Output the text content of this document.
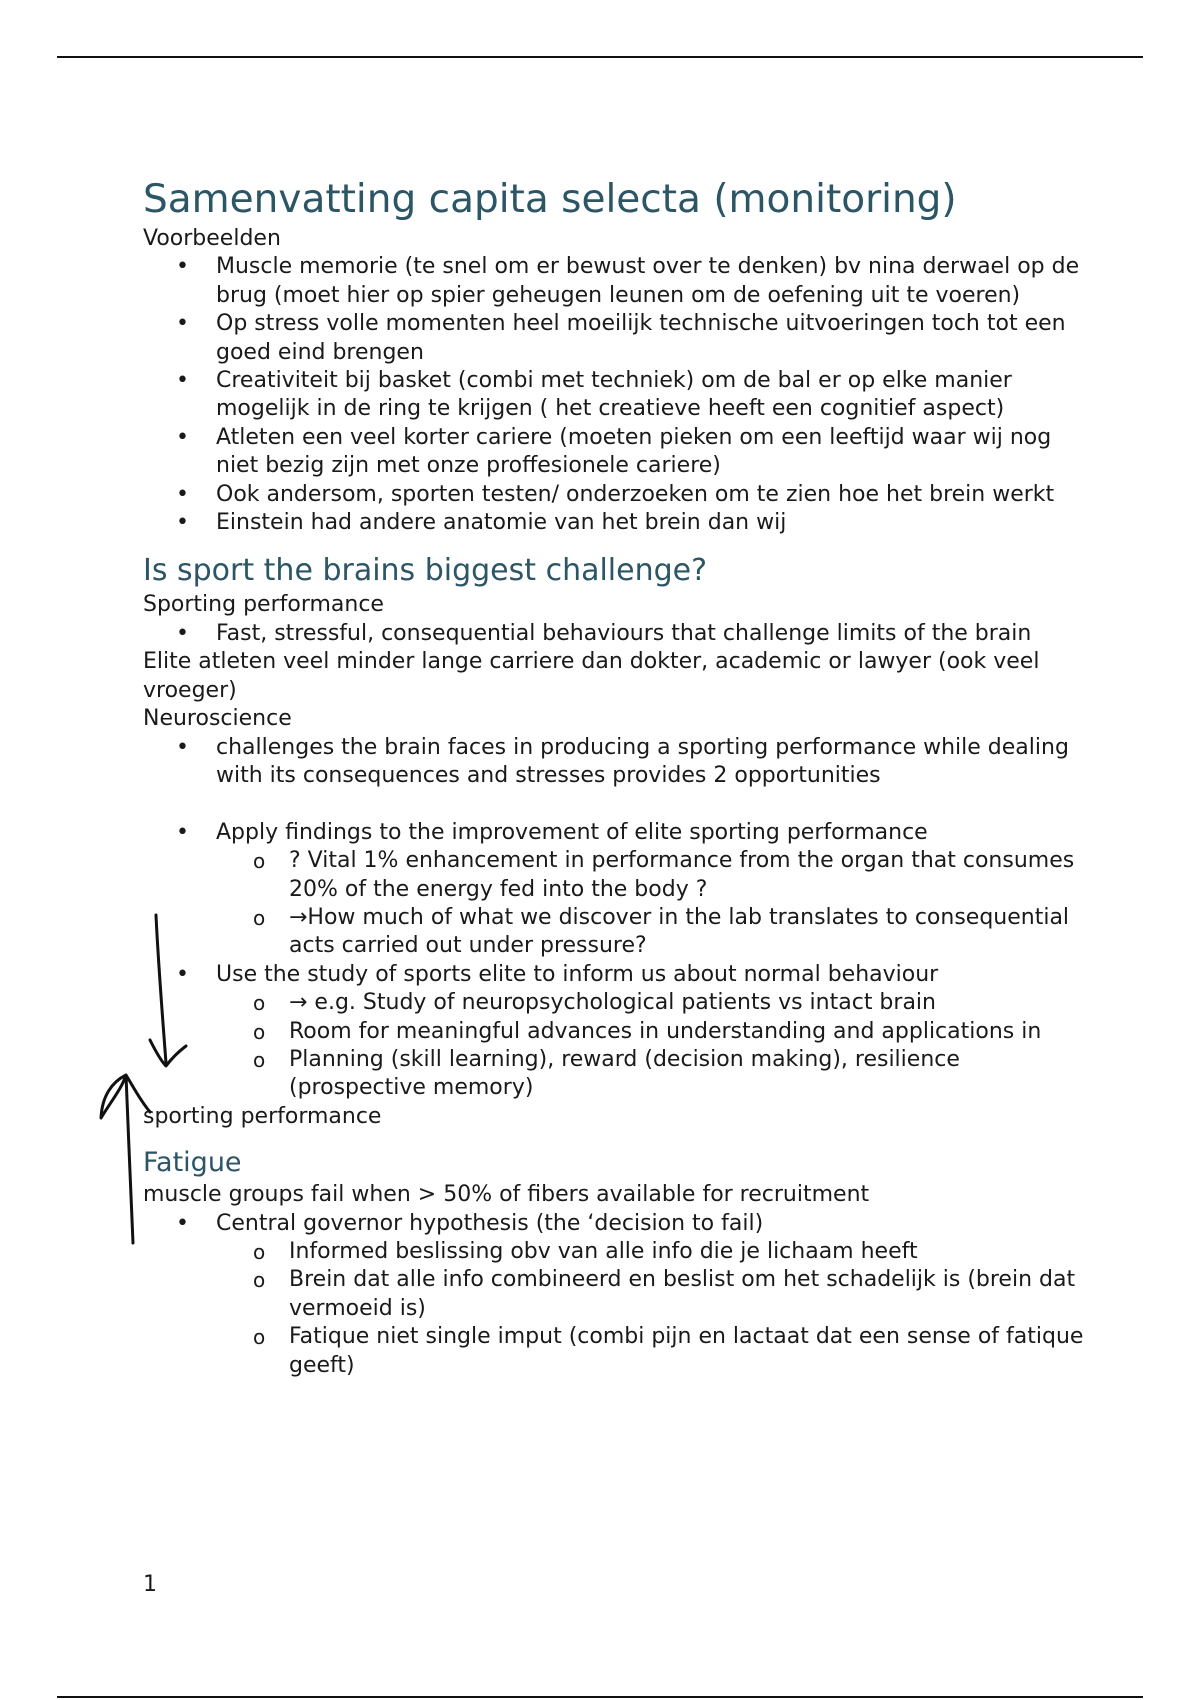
Samenvatting capita selecta (monitoring)

Voorbeelden

• Muscle memorie (te snel om er bewust over te denken) bv nina derwael op de brug (moet hier op spier geheugen leunen om de oefening uit te voeren)
• Op stress volle momenten heel moeilijk technische uitvoeringen toch tot een goed eind brengen
• Creativiteit bij basket (combi met techniek) om de bal er op elke manier mogelijk in de ring te krijgen ( het creatieve heeft een cognitief aspect)
• Atleten een veel korter cariere (moeten pieken om een leeftijd waar wij nog niet bezig zijn met onze proffesionele cariere)
• Ook andersom, sporten testen/ onderzoeken om te zien hoe het brein werkt
• Einstein had andere anatomie van het brein dan wij
Is sport the brains biggest challenge?

Sporting performance

• Fast, stressful, consequential behaviours that challenge limits of the brain

Elite atleten veel minder lange carriere dan dokter, academic or lawyer (ook veel vroeger)

Neuroscience

• challenges the brain faces in producing a sporting performance while dealing with its consequences and stresses provides 2 opportunities
• Apply findings to the improvement of elite sporting performance
o ? Vital 1% enhancement in performance from the organ that consumes 20% of the energy fed into the body ?
o →How much of what we discover in the lab translates to consequential acts carried out under pressure?
• Use the study of sports elite to inform us about normal behaviour
o → e.g. Study of neuropsychological patients vs intact brain
o Room for meaningful advances in understanding and applications in
o Planning (skill learning), reward (decision making), resilience (prospective memory)

sporting performance

Fatigue

muscle groups fail when > 50% of fibers available for recruitment

• Central governor hypothesis (the ‘decision to fail)
o Informed beslissing obv van alle info die je lichaam heeft
o Brein dat alle info combineerd en beslist om het schadelijk is (brein dat vermoeid is)
o Fatique niet single imput (combi pijn en lactaat dat een sense of fatique geeft)
1
